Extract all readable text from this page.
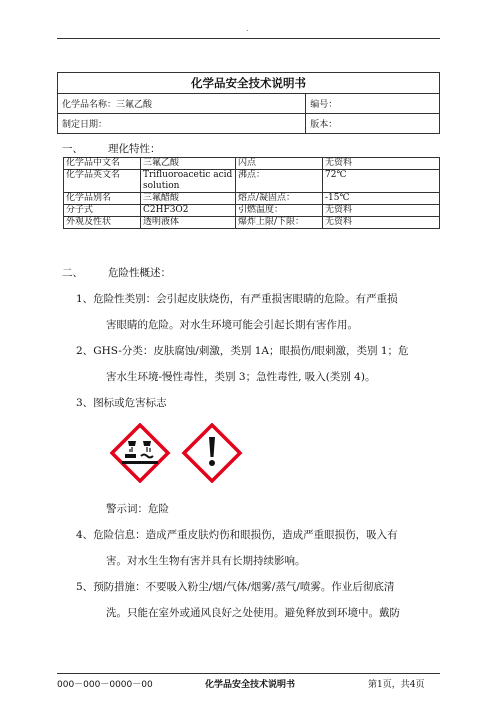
.
化学品安全技术说明书	
化学品名称：三氟乙酸	编号：
制定日期：	版本：
一、 理化特性：
化学品中文名	三氟乙酸	闪点	无资料
化学品英文名	Trifluoroacetic acid solution	沸点：	72℃
化学品别名	三氟醋酸	熔点/凝固点：	-15℃
分子式	C2HF3O2	引燃温度：	无资料
外观及性状	透明液体	爆炸上限/下限：	无资料
二、 危险性概述：
1、危险性类别：会引起皮肤烧伤，有严重损害眼睛的危险。有严重损
害眼睛的危险。对水生环境可能会引起长期有害作用。
2、GHS-分类：皮肤腐蚀/刺激，类别 1A；眼损伤/眼刺激，类别 1；危
害水生环境-慢性毒性，类别 3；急性毒性, 吸入(类别 4)。
3、图标或危害标志
警示词：危险
4、危险信息：造成严重皮肤灼伤和眼损伤，造成严重眼损伤，吸入有
害。对水生生物有害并具有长期持续影响。
5、预防措施：不要吸入粉尘/烟/气体/烟雾/蒸气/喷雾。作业后彻底清
洗。只能在室外或通风良好之处使用。避免释放到环境中。戴防
000－000－0000－00	化学品安全技术说明书	第1页，共4页
